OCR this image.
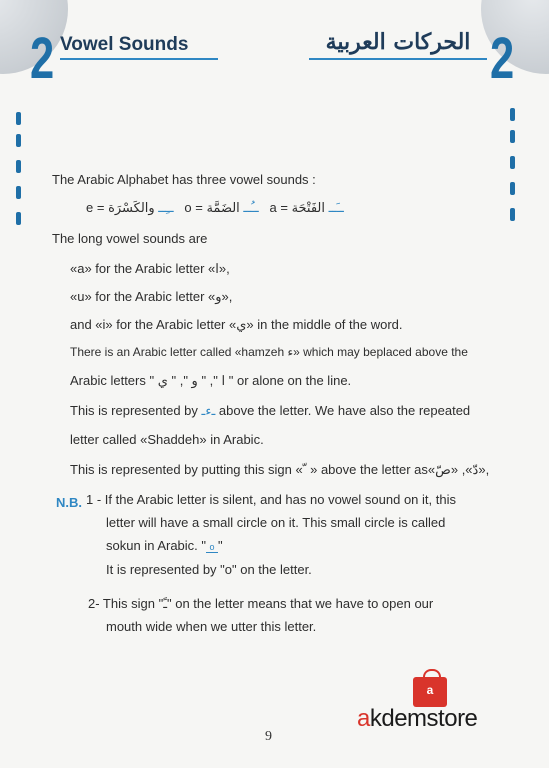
2	2
Vowel Sounds	الحركات العربية
The Arabic Alphabet has three vowel sounds :
e =	ــِــ والكَسْرَة o =	ــُــ الضَمَّة a =	ــَــ الفَتْحَة
The long vowel sounds are
«a» for the Arabic letter «ا»,
«u» for the Arabic letter «و»,
and «i» for the Arabic letter «ي» in the middle of the word.
There is an Arabic letter called «hamzeh ء» which may beplaced above the
Arabic letters " ا ", " و ", " ي " or alone on the line.
This is represented by ـءـ above the letter. We have also the repeated
letter called «Shaddeh» in Arabic.
This is represented by putting this sign « ّ » above the letter as«دّ», «صّ»,
N.B. 1 - If the Arabic letter is silent, and has no vowel sound on it, this
letter will have a small circle on it. This small circle is called
sokun in Arabic. " o "
It is represented by "o" on the letter.
2- This sign "ـً" on the letter means that we have to open our
mouth wide when we utter this letter.
a
akdemstore
9
